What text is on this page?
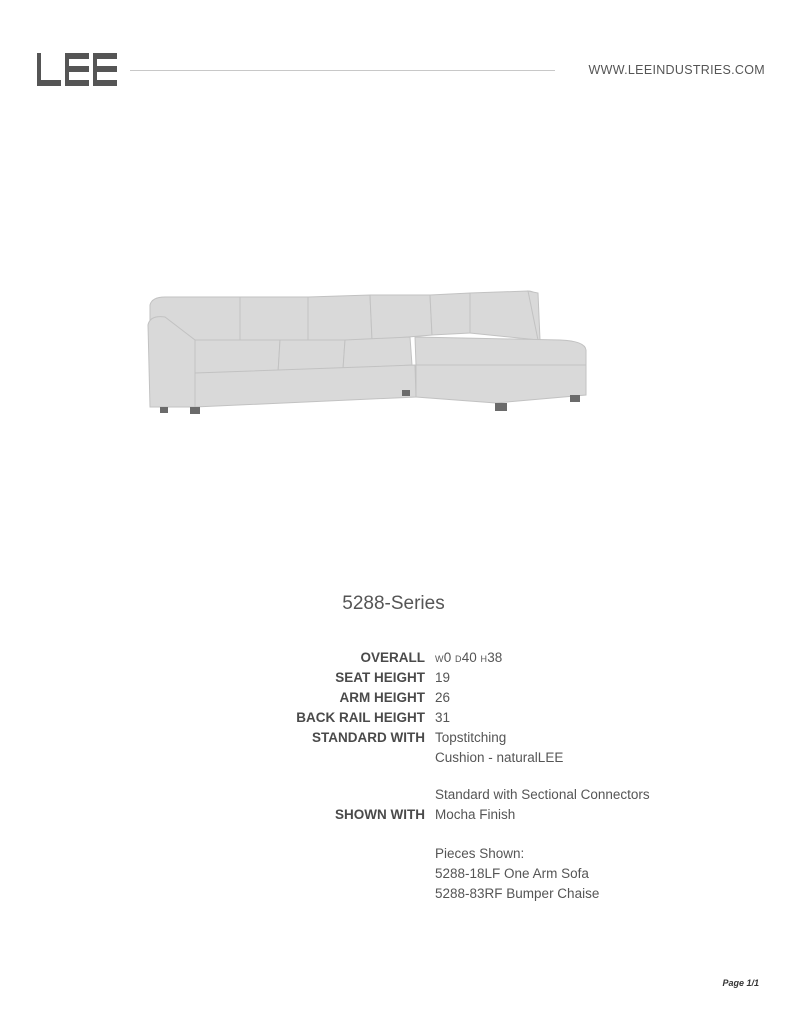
WWW.LEEINDUSTRIES.COM
5288-Series
OVERALL W0 D40 H38
SEAT HEIGHT 19
ARM HEIGHT 26
BACK RAIL HEIGHT 31
STANDARD WITH Topstitching
Cushion - naturalLEE
Standard with Sectional Connectors
SHOWN WITH Mocha Finish
Pieces Shown:
5288-18LF One Arm Sofa
5288-83RF Bumper Chaise
Page 1/1
